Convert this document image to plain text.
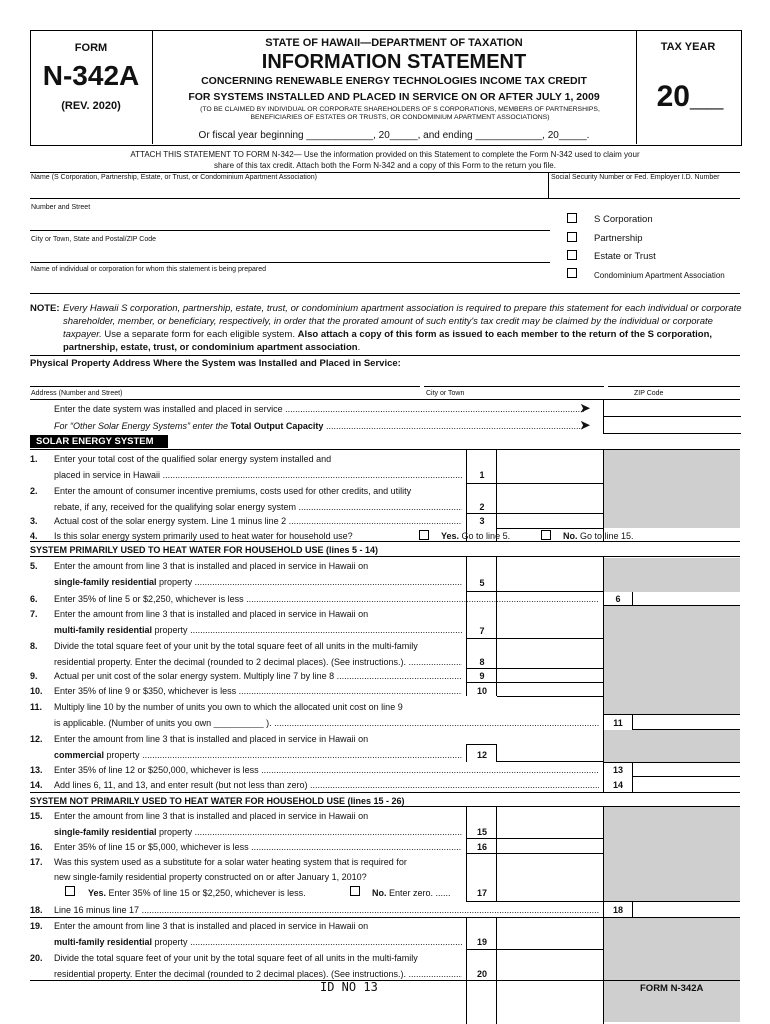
FORM
N-342A
(REV. 2020)
STATE OF HAWAII—DEPARTMENT OF TAXATION
INFORMATION STATEMENT
CONCERNING RENEWABLE ENERGY TECHNOLOGIES INCOME TAX CREDIT
FOR SYSTEMS INSTALLED AND PLACED IN SERVICE ON OR AFTER JULY 1, 2009
(TO BE CLAIMED BY INDIVIDUAL OR CORPORATE SHAREHOLDERS OF S CORPORATIONS, MEMBERS OF PARTNERSHIPS, BENEFICIARIES OF ESTATES OR TRUSTS, OR CONDOMINIUM APARTMENT ASSOCIATIONS)
Or fiscal year beginning ____________, 20_____, and ending ____________, 20_____.
TAX YEAR
20__
ATTACH THIS STATEMENT TO FORM N-342— Use the information provided on this Statement to complete the Form N-342 used to claim your share of this tax credit. Attach both the Form N-342 and a copy of this Form to the return you file.
Name (S Corporation, Partnership, Estate, or Trust, or Condominium Apartment Association)	Social Security Number or Fed. Employer I.D. Number
Number and Street
City or Town, State and Postal/ZIP Code
Name of individual or corporation for whom this statement is being prepared
S Corporation
Partnership
Estate or Trust
Condominium Apartment Association
NOTE: Every Hawaii S corporation, partnership, estate, trust, or condominium apartment association is required to prepare this statement for each individual or corporate shareholder, member, or beneficiary, respectively, in order that the prorated amount of such entity's tax credit may be claimed by the individual or corporate taxpayer. Use a separate form for each eligible system. Also attach a copy of this form as issued to each member to the return of the S corporation, partnership, estate, trust, or condominium apartment association.
Physical Property Address Where the System was Installed and Placed in Service:
Address (Number and Street)	City or Town	ZIP Code
Enter the date system was installed and placed in service .....	➤
For “Other Solar Energy Systems” enter the Total Output Capacity .....	➤
SOLAR ENERGY SYSTEM
1. Enter your total cost of the qualified solar energy system installed and
placed in service in Hawaii .....	1
2. Enter the amount of consumer incentive premiums, costs used for other credits, and utility
rebate, if any, received for the qualifying solar energy system .....	2
3. Actual cost of the solar energy system. Line 1 minus line 2 .....	3
4. Is this solar energy system primarily used to heat water for household use?	Yes. Go to line 5.	No. Go to line 15.
SYSTEM PRIMARILY USED TO HEAT WATER FOR HOUSEHOLD USE (lines 5 - 14)
5. Enter the amount from line 3 that is installed and placed in service in Hawaii on
single-family residential property .....	5
6. Enter 35% of line 5 or $2,250, whichever is less .....	6
7. Enter the amount from line 3 that is installed and placed in service in Hawaii on
multi-family residential property .....	7
8. Divide the total square feet of your unit by the total square feet of all units in the multi-family
residential property. Enter the decimal (rounded to 2 decimal places). (See instructions.). .....	8
9. Actual per unit cost of the solar energy system. Multiply line 7 by line 8 .....	9
10. Enter 35% of line 9 or $350, whichever is less .....	10
11. Multiply line 10 by the number of units you own to which the allocated unit cost on line 9
is applicable. (Number of units you own __________ ). .....	11
12. Enter the amount from line 3 that is installed and placed in service in Hawaii on
commercial property .....	12
13. Enter 35% of line 12 or $250,000, whichever is less .....	13
14. Add lines 6, 11, and 13, and enter result (but not less than zero) .....	14
SYSTEM NOT PRIMARILY USED TO HEAT WATER FOR HOUSEHOLD USE (lines 15 - 26)
15. Enter the amount from line 3 that is installed and placed in service in Hawaii on
single-family residential property .....	15
16. Enter 35% of line 15 or $5,000, whichever is less .....	16
17. Was this system used as a substitute for a solar water heating system that is required for
new single-family residential property constructed on or after January 1, 2010?
Yes. Enter 35% of line 15 or $2,250, whichever is less.	No. Enter zero. ......	17
18. Line 16 minus line 17 .....	18
19. Enter the amount from line 3 that is installed and placed in service in Hawaii on
multi-family residential property .....	19
20. Divide the total square feet of your unit by the total square feet of all units in the multi-family
residential property. Enter the decimal (rounded to 2 decimal places). (See instructions.). .....	20
ID NO 13	FORM N-342A
